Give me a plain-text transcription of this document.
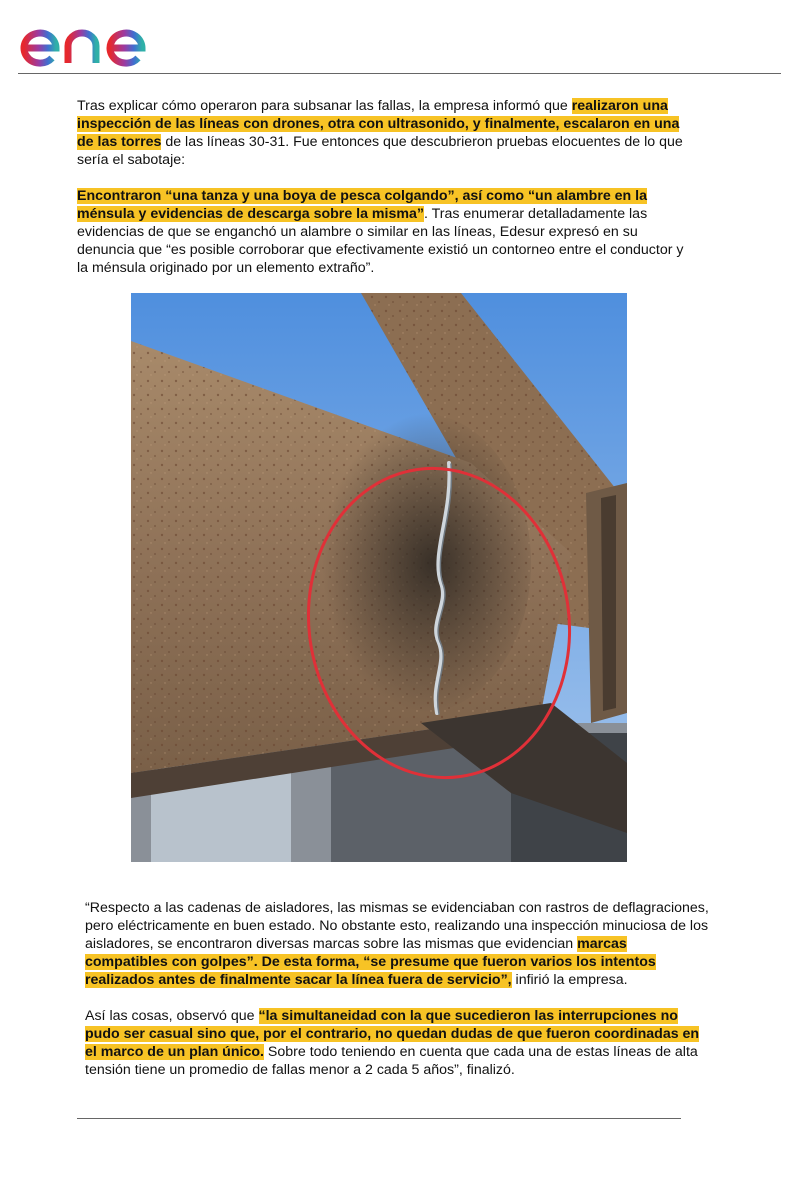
Tras explicar cómo operaron para subsanar las fallas, la empresa informó que realizaron una inspección de las líneas con drones, otra con ultrasonido, y finalmente, escalaron en una de las torres de las líneas 30-31. Fue entonces que descubrieron pruebas elocuentes de lo que sería el sabotaje:

Encontraron “una tanza y una boya de pesca colgando”, así como “un alambre en la ménsula y evidencias de descarga sobre la misma”. Tras enumerar detalladamente las evidencias de que se enganchó un alambre o similar en las líneas, Edesur expresó en su denuncia que “es posible corroborar que efectivamente existió un contorneo entre el conductor y la ménsula originado por un elemento extraño”.

“Respecto a las cadenas de aisladores, las mismas se evidenciaban con rastros de deflagraciones, pero eléctricamente en buen estado. No obstante esto, realizando una inspección minuciosa de los aisladores, se encontraron diversas marcas sobre las mismas que evidencian marcas compatibles con golpes”. De esta forma, “se presume que fueron varios los intentos realizados antes de finalmente sacar la línea fuera de servicio”, infirió la empresa.

Así las cosas, observó que “la simultaneidad con la que sucedieron las interrupciones no pudo ser casual sino que, por el contrario, no quedan dudas de que fueron coordinadas en el marco de un plan único. Sobre todo teniendo en cuenta que cada una de estas líneas de alta tensión tiene un promedio de fallas menor a 2 cada 5 años”, finalizó.
